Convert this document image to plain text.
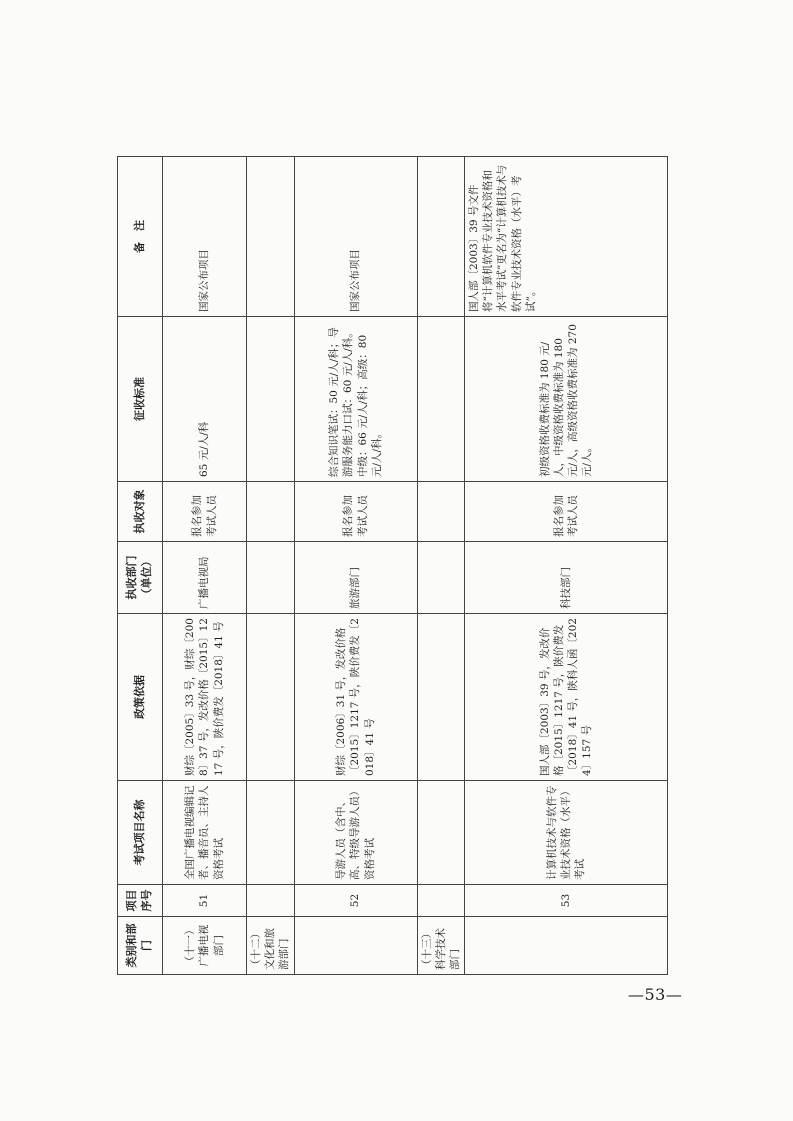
类别和部门	项目序号	考试项目名称	政策依据	执收部门（单位）	执收对象	征收标准	备　注
（十一）广播电视部门	51	全国广播电视编辑记者、播音员、主持人资格考试	财综〔2005〕33 号，财综〔2008〕37 号，发改价格〔2015〕1217 号，陕价费发〔2018〕41 号	广播电视局	报名参加考试人员	65 元/人/科	国家公布项目
（十二）文化和旅游部门							
	52	导游人员（含中、高、特级导游人员）资格考试	财综〔2006〕31 号，发改价格〔2015〕1217 号，陕价费发〔2018〕41 号	旅游部门	报名参加考试人员	综合知识笔试：50 元/人/科；导游服务能力口试：60 元/人/科。中级：66 元/人/科；高级：80 元/人/科。	国家公布项目
（十三）科学技术部门							
	53	计算机技术与软件专业技术资格（水平）考试	国人部〔2003〕39 号，发改价格〔2015〕1217 号，陕价费发〔2018〕41 号，陕科人函〔2024〕157 号	科技部门	报名参加考试人员	初级资格收费标准为 180 元/人，中级资格收费标准为 180 元/人，高级资格收费标准为 270 元/人。	国人部〔2003〕39 号文件将“计算机软件专业技术资格和水平考试”更名为“计算机技术与软件专业技术资格（水平）考试”。
—53—
